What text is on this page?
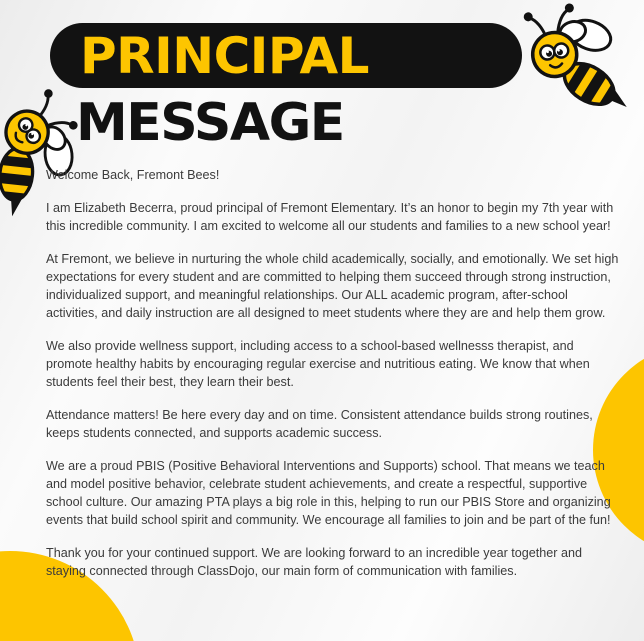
PRINCIPAL
MESSAGE

Welcome Back, Fremont Bees!

I am Elizabeth Becerra, proud principal of Fremont Elementary. It’s an honor to begin my 7th year with this incredible community. I am excited to welcome all our students and families to a new school year!

At Fremont, we believe in nurturing the whole child academically, socially, and emotionally. We set high expectations for every student and are committed to helping them succeed through strong instruction, individualized support, and meaningful relationships. Our ALL academic program, after-school activities, and daily instruction are all designed to meet students where they are and help them grow.

We also provide wellness support, including access to a school-based wellnesss therapist, and promote healthy habits by encouraging regular exercise and nutritious eating. We know that when students feel their best, they learn their best.

Attendance matters! Be here every day and on time. Consistent attendance builds strong routines, keeps students connected, and supports academic success.

We are a proud PBIS (Positive Behavioral Interventions and Supports) school. That means we teach and model positive behavior, celebrate student achievements, and create a respectful, supportive school culture. Our amazing PTA plays a big role in this, helping to run our PBIS Store and organizing events that build school spirit and community. We encourage all families to join and be part of the fun!

Thank you for your continued support. We are looking forward to an incredible year together and staying connected through ClassDojo, our main form of communication with families.
